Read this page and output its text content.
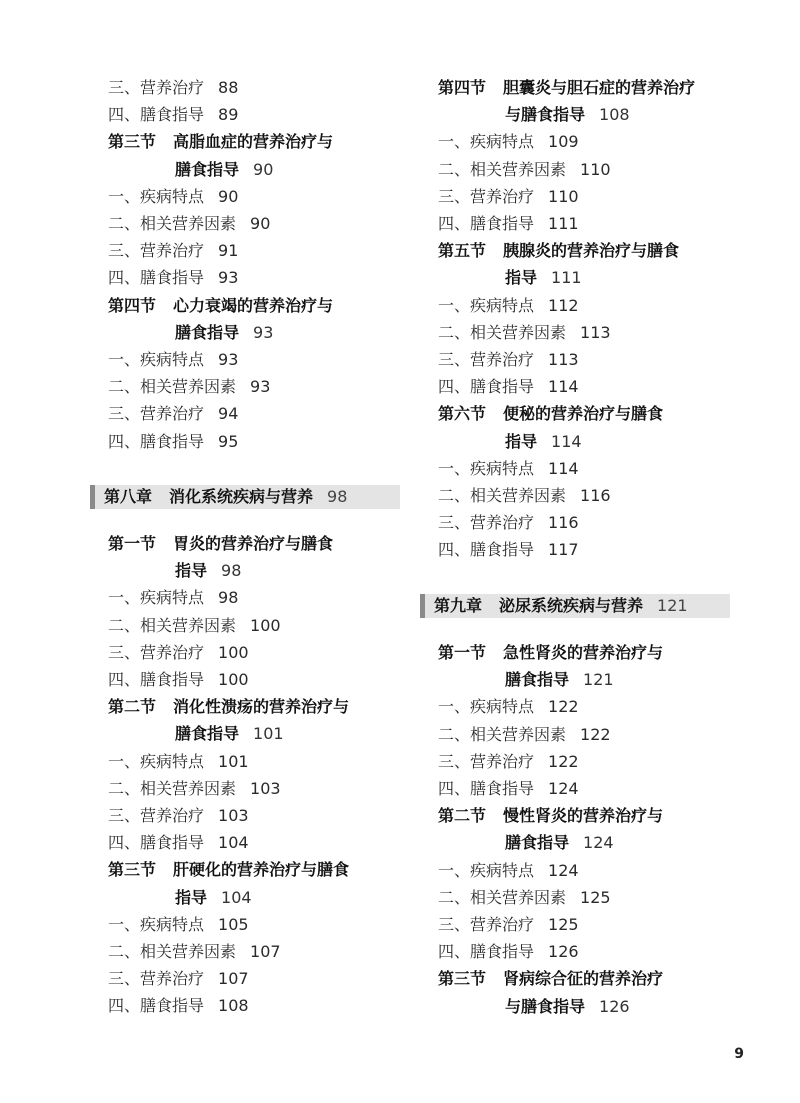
三、营养治疗 88
四、膳食指导 89
第三节 高脂血症的营养治疗与
膳食指导 90
一、疾病特点 90
二、相关营养因素 90
三、营养治疗 91
四、膳食指导 93
第四节 心力衰竭的营养治疗与
膳食指导 93
一、疾病特点 93
二、相关营养因素 93
三、营养治疗 94
四、膳食指导 95
第八章 消化系统疾病与营养 98
第一节 胃炎的营养治疗与膳食
指导 98
一、疾病特点 98
二、相关营养因素 100
三、营养治疗 100
四、膳食指导 100
第二节 消化性溃疡的营养治疗与
膳食指导 101
一、疾病特点 101
二、相关营养因素 103
三、营养治疗 103
四、膳食指导 104
第三节 肝硬化的营养治疗与膳食
指导 104
一、疾病特点 105
二、相关营养因素 107
三、营养治疗 107
四、膳食指导 108
第四节 胆囊炎与胆石症的营养治疗
与膳食指导 108
一、疾病特点 109
二、相关营养因素 110
三、营养治疗 110
四、膳食指导 111
第五节 胰腺炎的营养治疗与膳食
指导 111
一、疾病特点 112
二、相关营养因素 113
三、营养治疗 113
四、膳食指导 114
第六节 便秘的营养治疗与膳食
指导 114
一、疾病特点 114
二、相关营养因素 116
三、营养治疗 116
四、膳食指导 117
第九章 泌尿系统疾病与营养 121
第一节 急性肾炎的营养治疗与
膳食指导 121
一、疾病特点 122
二、相关营养因素 122
三、营养治疗 122
四、膳食指导 124
第二节 慢性肾炎的营养治疗与
膳食指导 124
一、疾病特点 124
二、相关营养因素 125
三、营养治疗 125
四、膳食指导 126
第三节 肾病综合征的营养治疗
与膳食指导 126
9
